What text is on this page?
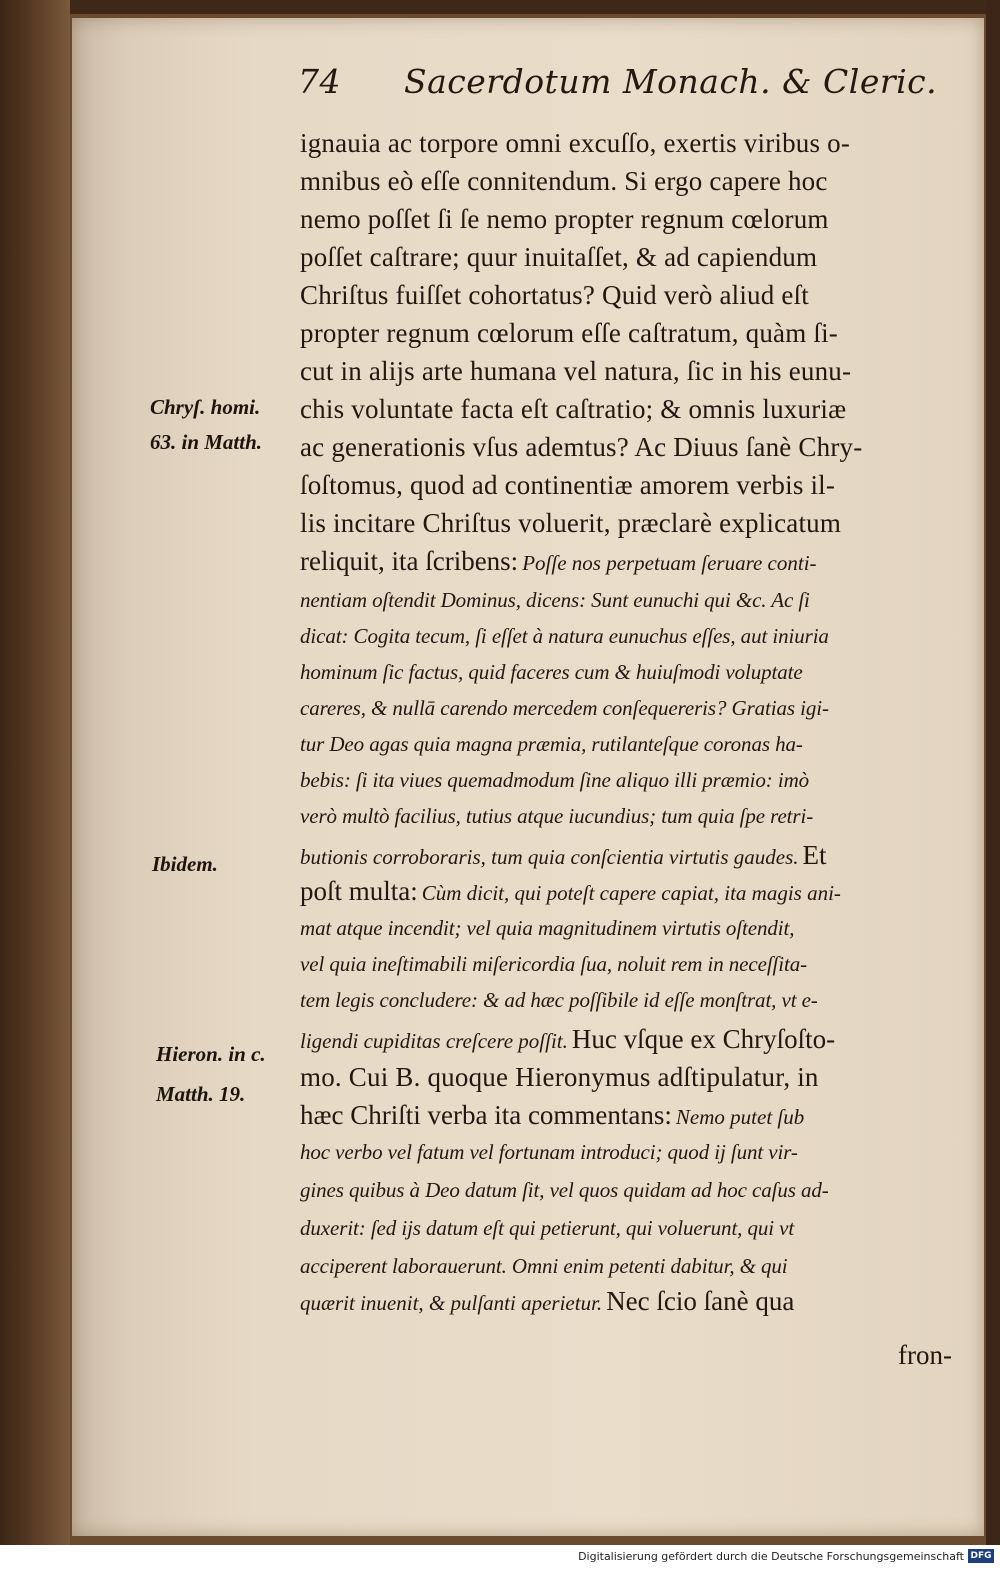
74 Sacerdotum Monach. & Cleric.
Chryſ. homi.
63. in Matth.
Ibidem.
Hieron. in c.
Matth. 19.
ignauia ac torpore omni excuſſo, exertis viribus o-
mnibus eò eſſe connitendum. Si ergo capere hoc
nemo poſſet ſi ſe nemo propter regnum cœlorum
poſſet caſtrare; quur inuitaſſet, & ad capiendum
Chriſtus fuiſſet cohortatus? Quid verò aliud eſt
propter regnum cœlorum eſſe caſtratum, quàm ſi-
cut in alijs arte humana vel natura, ſic in his eunu-
chis voluntate facta eſt caſtratio; & omnis luxuriæ
ac generationis vſus ademtus? Ac Diuus ſanè Chry-
ſoſtomus, quod ad continentiæ amorem verbis il-
lis incitare Chriſtus voluerit, præclarè explicatum
reliquit, ita ſcribens: Poſſe nos perpetuam ſeruare conti-
nentiam oſtendit Dominus, dicens: Sunt eunuchi qui &c. Ac ſi
dicat: Cogita tecum, ſi eſſet à natura eunuchus eſſes, aut iniuria
hominum ſic factus, quid faceres cum & huiuſmodi voluptate
careres, & nullā carendo mercedem conſequereris? Gratias igi-
tur Deo agas quia magna præmia, rutilanteſque coronas ha-
bebis: ſi ita viues quemadmodum ſine aliquo illi præmio: imò
verò multò facilius, tutius atque iucundius; tum quia ſpe retri-
butionis corroboraris, tum quia conſcientia virtutis gaudes. Et
poſt multa: Cùm dicit, qui poteſt capere capiat, ita magis ani-
mat atque incendit; vel quia magnitudinem virtutis oſtendit,
vel quia ineſtimabili miſericordia ſua, noluit rem in neceſſita-
tem legis concludere: & ad hæc poſſibile id eſſe monſtrat, vt e-
ligendi cupiditas creſcere poſſit. Huc vſque ex Chryſoſto-
mo. Cui B. quoque Hieronymus adſtipulatur, in
hæc Chriſti verba ita commentans: Nemo putet ſub
hoc verbo vel fatum vel fortunam introduci; quod ij ſunt vir-
gines quibus à Deo datum ſit, vel quos quidam ad hoc caſus ad-
duxerit: ſed ijs datum eſt qui petierunt, qui voluerunt, qui vt
acciperent laborauerunt. Omni enim petenti dabitur, & qui
quærit inuenit, & pulſanti aperietur. Nec ſcio ſanè qua
fron-
Digitalisierung gefördert durch die Deutsche Forschungsgemeinschaft DFG
